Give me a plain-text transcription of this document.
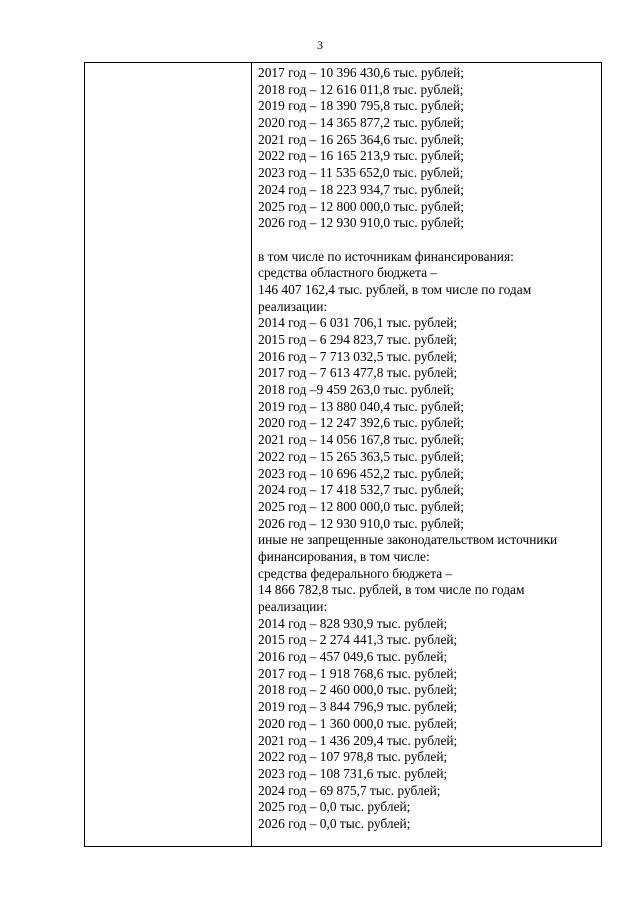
3
2017 год – 10 396 430,6 тыс. рублей;
2018 год – 12 616 011,8 тыс. рублей;
2019 год – 18 390 795,8 тыс. рублей;
2020 год – 14 365 877,2 тыс. рублей;
2021 год – 16 265 364,6 тыс. рублей;
2022 год – 16 165 213,9 тыс. рублей;
2023 год – 11 535 652,0 тыс. рублей;
2024 год – 18 223 934,7 тыс. рублей;
2025 год – 12 800 000,0 тыс. рублей;
2026 год – 12 930 910,0 тыс. рублей;
в том числе по источникам финансирования:
средства областного бюджета –
146 407 162,4 тыс. рублей, в том числе по годам
реализации:
2014 год – 6 031 706,1 тыс. рублей;
2015 год – 6 294 823,7 тыс. рублей;
2016 год – 7 713 032,5 тыс. рублей;
2017 год – 7 613 477,8 тыс. рублей;
2018 год –9 459 263,0 тыс. рублей;
2019 год – 13 880 040,4 тыс. рублей;
2020 год – 12 247 392,6 тыс. рублей;
2021 год – 14 056 167,8 тыс. рублей;
2022 год – 15 265 363,5 тыс. рублей;
2023 год – 10 696 452,2 тыс. рублей;
2024 год – 17 418 532,7 тыс. рублей;
2025 год – 12 800 000,0 тыс. рублей;
2026 год – 12 930 910,0 тыс. рублей;
иные не запрещенные законодательством источники
финансирования, в том числе:
средства федерального бюджета –
14 866 782,8 тыс. рублей, в том числе по годам
реализации:
2014 год – 828 930,9 тыс. рублей;
2015 год – 2 274 441,3 тыс. рублей;
2016 год – 457 049,6 тыс. рублей;
2017 год – 1 918 768,6 тыс. рублей;
2018 год – 2 460 000,0 тыс. рублей;
2019 год – 3 844 796,9 тыс. рублей;
2020 год – 1 360 000,0 тыс. рублей;
2021 год – 1 436 209,4 тыс. рублей;
2022 год – 107 978,8 тыс. рублей;
2023 год – 108 731,6 тыс. рублей;
2024 год – 69 875,7 тыс. рублей;
2025 год – 0,0 тыс. рублей;
2026 год – 0,0 тыс. рублей;
